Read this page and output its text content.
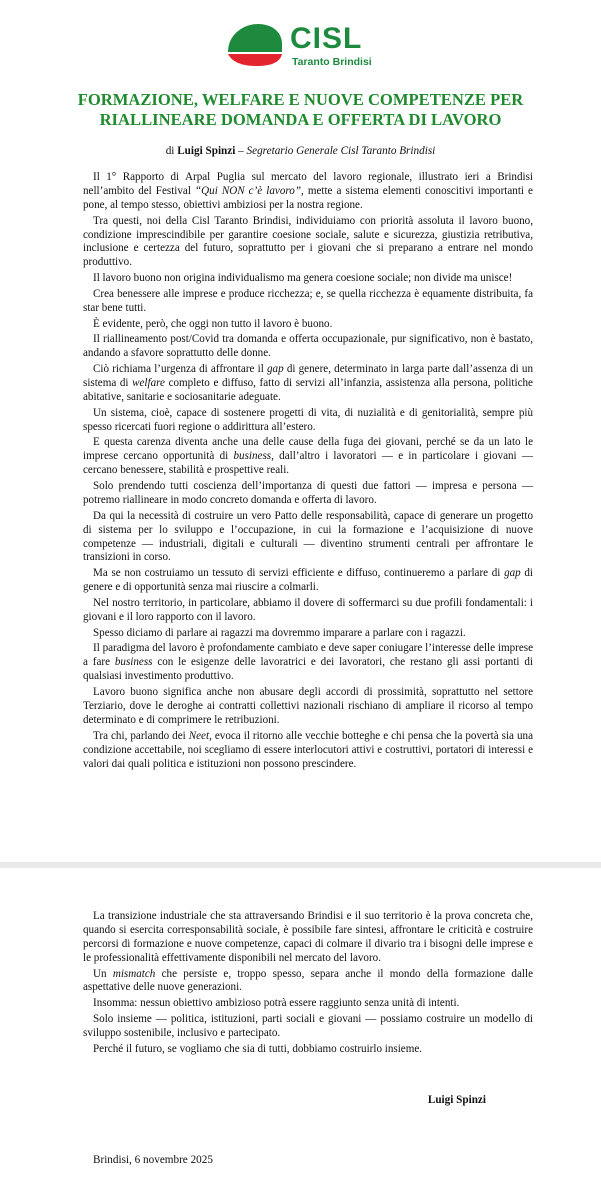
CISL
Taranto Brindisi
FORMAZIONE, WELFARE E NUOVE COMPETENZE PER
RIALLINEARE DOMANDA E OFFERTA DI LAVORO
di Luigi Spinzi – Segretario Generale Cisl Taranto Brindisi

Il 1° Rapporto di Arpal Puglia sul mercato del lavoro regionale, illustrato ieri a Brindisi nell’ambito del Festival “Qui NON c’è lavoro”, mette a sistema elementi conoscitivi importanti e pone, al tempo stesso, obiettivi ambiziosi per la nostra regione.

Tra questi, noi della Cisl Taranto Brindisi, individuiamo con priorità assoluta il lavoro buono, condizione imprescindibile per garantire coesione sociale, salute e sicurezza, giustizia retributiva, inclusione e certezza del futuro, soprattutto per i giovani che si preparano a entrare nel mondo produttivo.

Il lavoro buono non origina individualismo ma genera coesione sociale; non divide ma unisce!

Crea benessere alle imprese e produce ricchezza; e, se quella ricchezza è equamente distribuita, fa star bene tutti.

È evidente, però, che oggi non tutto il lavoro è buono.

Il riallineamento post/Covid tra domanda e offerta occupazionale, pur significativo, non è bastato, andando a sfavore soprattutto delle donne.

Ciò richiama l’urgenza di affrontare il gap di genere, determinato in larga parte dall’assenza di un sistema di welfare completo e diffuso, fatto di servizi all’infanzia, assistenza alla persona, politiche abitative, sanitarie e sociosanitarie adeguate.

Un sistema, cioè, capace di sostenere progetti di vita, di nuzialità e di genitorialità, sempre più spesso ricercati fuori regione o addirittura all’estero.

E questa carenza diventa anche una delle cause della fuga dei giovani, perché se da un lato le imprese cercano opportunità di business, dall’altro i lavoratori — e in particolare i giovani — cercano benessere, stabilità e prospettive reali.

Solo prendendo tutti coscienza dell’importanza di questi due fattori — impresa e persona — potremo riallineare in modo concreto domanda e offerta di lavoro.

Da qui la necessità di costruire un vero Patto delle responsabilità, capace di generare un progetto di sistema per lo sviluppo e l’occupazione, in cui la formazione e l’acquisizione di nuove competenze — industriali, digitali e culturali — diventino strumenti centrali per affrontare le transizioni in corso.

Ma se non costruiamo un tessuto di servizi efficiente e diffuso, continueremo a parlare di gap di genere e di opportunità senza mai riuscire a colmarli.

Nel nostro territorio, in particolare, abbiamo il dovere di soffermarci su due profili fondamentali: i giovani e il loro rapporto con il lavoro.

Spesso diciamo di parlare ai ragazzi ma dovremmo imparare a parlare con i ragazzi.

Il paradigma del lavoro è profondamente cambiato e deve saper coniugare l’interesse delle imprese a fare business con le esigenze delle lavoratrici e dei lavoratori, che restano gli assi portanti di qualsiasi investimento produttivo.

Lavoro buono significa anche non abusare degli accordi di prossimità, soprattutto nel settore Terziario, dove le deroghe ai contratti collettivi nazionali rischiano di ampliare il ricorso al tempo determinato e di comprimere le retribuzioni.

Tra chi, parlando dei Neet, evoca il ritorno alle vecchie botteghe e chi pensa che la povertà sia una condizione accettabile, noi scegliamo di essere interlocutori attivi e costruttivi, portatori di interessi e valori dai quali politica e istituzioni non possono prescindere.

La transizione industriale che sta attraversando Brindisi e il suo territorio è la prova concreta che, quando si esercita corresponsabilità sociale, è possibile fare sintesi, affrontare le criticità e costruire percorsi di formazione e nuove competenze, capaci di colmare il divario tra i bisogni delle imprese e le professionalità effettivamente disponibili nel mercato del lavoro.

Un mismatch che persiste e, troppo spesso, separa anche il mondo della formazione dalle aspettative delle nuove generazioni.

Insomma: nessun obiettivo ambizioso potrà essere raggiunto senza unità di intenti.

Solo insieme — politica, istituzioni, parti sociali e giovani — possiamo costruire un modello di sviluppo sostenibile, inclusivo e partecipato.

Perché il futuro, se vogliamo che sia di tutti, dobbiamo costruirlo insieme.

Luigi Spinzi
Brindisi, 6 novembre 2025
